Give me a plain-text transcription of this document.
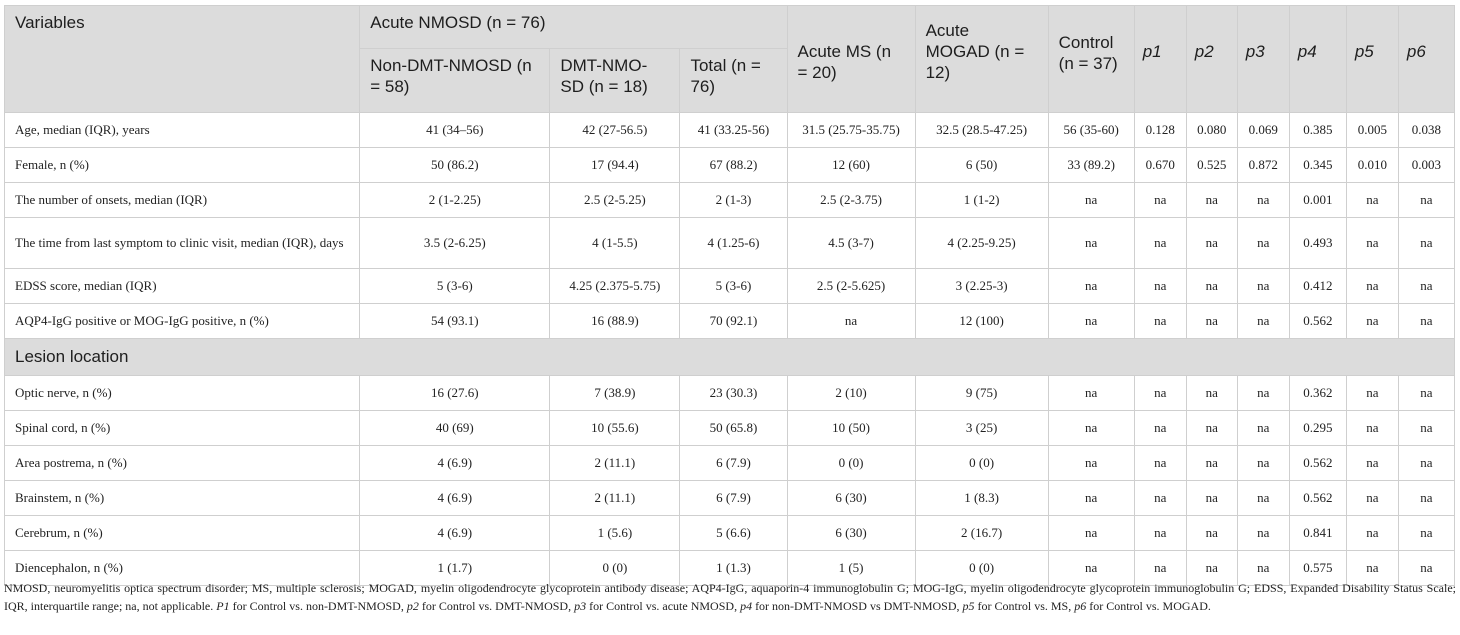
Variables	Acute NMOSD (n = 76)			Acute MS (n = 20)	Acute MOGAD (n = 12)	Control (n = 37)	p1	p2	p3	p4	p5	p6
	Non-DMT-NMOSD (n = 58)	DMT-NMO-SD (n = 18)	Total (n = 76)									
Age, median (IQR), years	41 (34–56)	42 (27-56.5)	41 (33.25-56)	31.5 (25.75-35.75)	32.5 (28.5-47.25)	56 (35-60)	0.128	0.080	0.069	0.385	0.005	0.038
Female, n (%)	50 (86.2)	17 (94.4)	67 (88.2)	12 (60)	6 (50)	33 (89.2)	0.670	0.525	0.872	0.345	0.010	0.003
The number of onsets, median (IQR)	2 (1-2.25)	2.5 (2-5.25)	2 (1-3)	2.5 (2-3.75)	1 (1-2)	na	na	na	na	0.001	na	na
The time from last symptom to clinic visit, median (IQR), days	3.5 (2-6.25)	4 (1-5.5)	4 (1.25-6)	4.5 (3-7)	4 (2.25-9.25)	na	na	na	na	0.493	na	na
EDSS score, median (IQR)	5 (3-6)	4.25 (2.375-5.75)	5 (3-6)	2.5 (2-5.625)	3 (2.25-3)	na	na	na	na	0.412	na	na
AQP4-IgG positive or MOG-IgG positive, n (%)	54 (93.1)	16 (88.9)	70 (92.1)	na	12 (100)	na	na	na	na	0.562	na	na
Lesion location												
Optic nerve, n (%)	16 (27.6)	7 (38.9)	23 (30.3)	2 (10)	9 (75)	na	na	na	na	0.362	na	na
Spinal cord, n (%)	40 (69)	10 (55.6)	50 (65.8)	10 (50)	3 (25)	na	na	na	na	0.295	na	na
Area postrema, n (%)	4 (6.9)	2 (11.1)	6 (7.9)	0 (0)	0 (0)	na	na	na	na	0.562	na	na
Brainstem, n (%)	4 (6.9)	2 (11.1)	6 (7.9)	6 (30)	1 (8.3)	na	na	na	na	0.562	na	na
Cerebrum, n (%)	4 (6.9)	1 (5.6)	5 (6.6)	6 (30)	2 (16.7)	na	na	na	na	0.841	na	na
Diencephalon, n (%)	1 (1.7)	0 (0)	1 (1.3)	1 (5)	0 (0)	na	na	na	na	0.575	na	na

NMOSD, neuromyelitis optica spectrum disorder; MS, multiple sclerosis; MOGAD, myelin oligodendrocyte glycoprotein antibody disease; AQP4-IgG, aquaporin-4 immunoglobulin G; MOG-IgG, myelin oligodendrocyte glycoprotein immunoglobulin G; EDSS, Expanded Disability Status Scale; IQR, interquartile range; na, not applicable. P1 for Control vs. non-DMT-NMOSD, p2 for Control vs. DMT-NMOSD, p3 for Control vs. acute NMOSD, p4 for non-DMT-NMOSD vs DMT-NMOSD, p5 for Control vs. MS, p6 for Control vs. MOGAD.
